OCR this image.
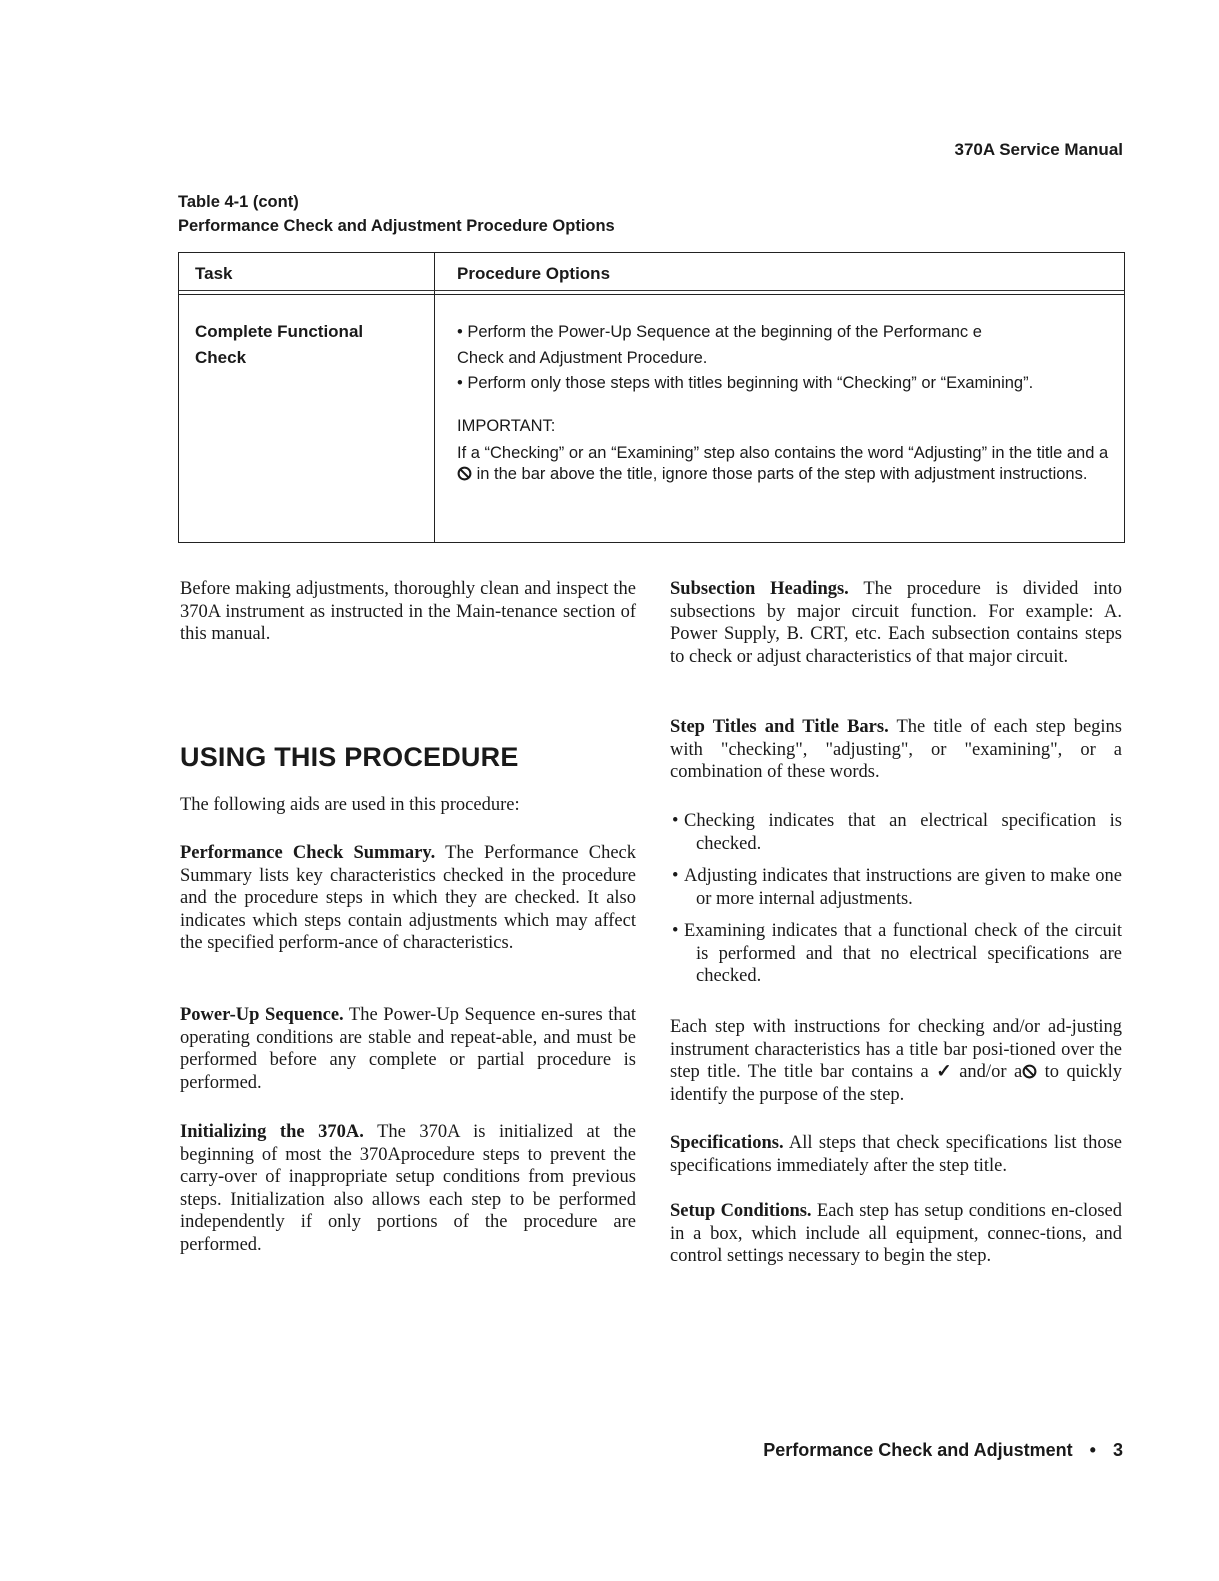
370A Service Manual
Table 4-1 (cont)
Performance Check and Adjustment Procedure Options
Task	Procedure Options
Complete Functional
Check

• Perform the Power-Up Sequence at the beginning of the Performanc e
Check and Adjustment Procedure.

• Perform only those steps with titles beginning with “Checking” or “Examining”.

IMPORTANT:

If a “Checking” or an “Examining” step also contains the word “Adjusting” in the title and a  in the bar above the title, ignore those parts of the step with adjustment instructions.

Before making adjustments, thoroughly clean and inspect the 370A instrument as instructed in the Main-tenance section of this manual.

USING THIS PROCEDURE

The following aids are used in this procedure:

Performance Check Summary. The Performance Check Summary lists key characteristics checked in the procedure and the procedure steps in which they are checked. It also indicates which steps contain adjustments which may affect the specified perform-ance of characteristics.

Power-Up Sequence. The Power-Up Sequence en-sures that operating conditions are stable and repeat-able, and must be performed before any complete or partial procedure is performed.

Initializing the 370A. The 370A is initialized at the beginning of most the 370Aprocedure steps to prevent the carry-over of inappropriate setup conditions from previous steps. Initialization also allows each step to be performed independently if only portions of the procedure are performed.

Subsection Headings. The procedure is divided into subsections by major circuit function. For example: A. Power Supply, B. CRT, etc. Each subsection contains steps to check or adjust characteristics of that major circuit.

Step Titles and Title Bars. The title of each step begins with "checking", "adjusting", or "examining", or a combination of these words.

• Checking indicates that an electrical specification is checked.
• Adjusting indicates that instructions are given to make one or more internal adjustments.
• Examining indicates that a functional check of the circuit is performed and that no electrical specifications are checked.

Each step with instructions for checking and/or ad-justing instrument characteristics has a title bar posi-tioned over the step title. The title bar contains a ✓ and/or a to quickly identify the purpose of the step.

Specifications. All steps that check specifications list those specifications immediately after the step title.

Setup Conditions. Each step has setup conditions en-closed in a box, which include all equipment, connec-tions, and control settings necessary to begin the step.

Performance Check and Adjustment • 3
